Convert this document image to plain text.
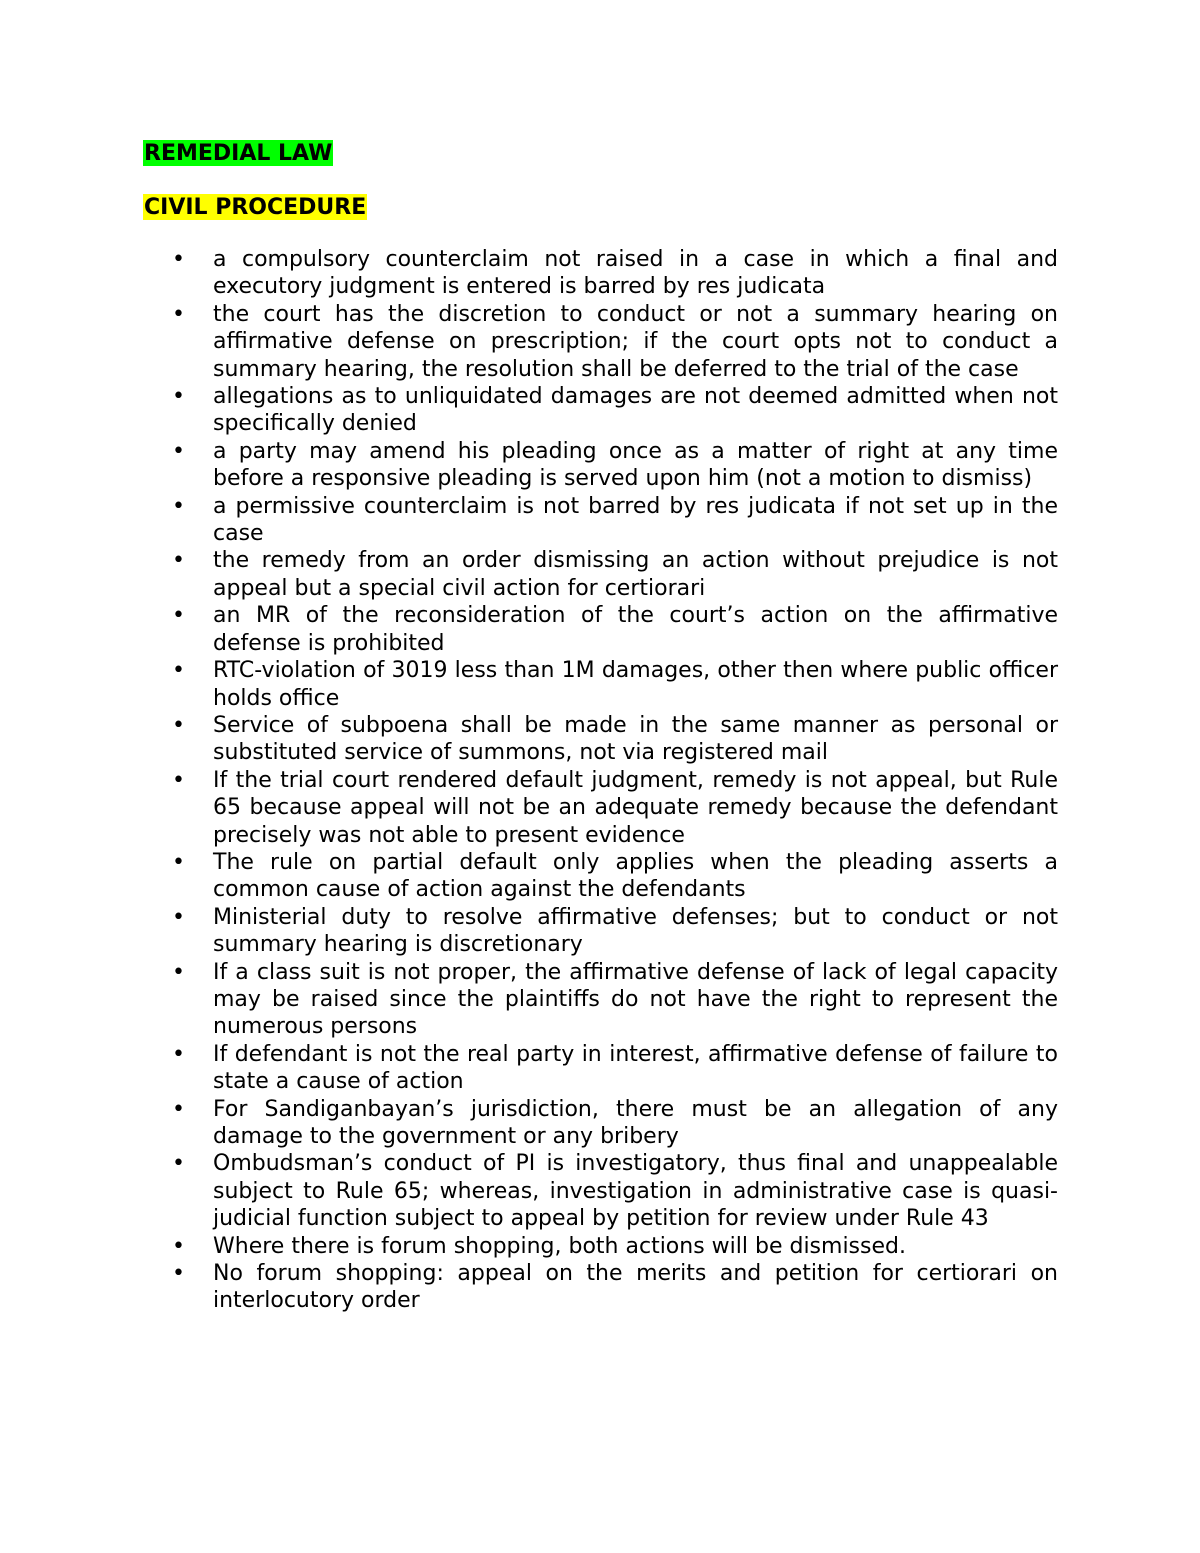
REMEDIAL LAW
CIVIL PROCEDURE
• a compulsory counterclaim not raised in a case in which a final and executory judgment is entered is barred by res judicata
• the court has the discretion to conduct or not a summary hearing on affirmative defense on prescription; if the court opts not to conduct a summary hearing, the resolution shall be deferred to the trial of the case
• allegations as to unliquidated damages are not deemed admitted when not specifically denied
• a party may amend his pleading once as a matter of right at any time before a responsive pleading is served upon him (not a motion to dismiss)
• a permissive counterclaim is not barred by res judicata if not set up in the case
• the remedy from an order dismissing an action without prejudice is not appeal but a special civil action for certiorari
• an MR of the reconsideration of the court’s action on the affirmative defense is prohibited
• RTC-violation of 3019 less than 1M damages, other then where public officer holds office
• Service of subpoena shall be made in the same manner as personal or substituted service of summons, not via registered mail
• If the trial court rendered default judgment, remedy is not appeal, but Rule 65 because appeal will not be an adequate remedy because the defendant precisely was not able to present evidence
• The rule on partial default only applies when the pleading asserts a common cause of action against the defendants
• Ministerial duty to resolve affirmative defenses; but to conduct or not summary hearing is discretionary
• If a class suit is not proper, the affirmative defense of lack of legal capacity may be raised since the plaintiffs do not have the right to represent the numerous persons
• If defendant is not the real party in interest, affirmative defense of failure to state a cause of action
• For Sandiganbayan’s jurisdiction, there must be an allegation of any damage to the government or any bribery
• Ombudsman’s conduct of PI is investigatory, thus final and unappealable subject to Rule 65; whereas, investigation in administrative case is quasi-judicial function subject to appeal by petition for review under Rule 43
• Where there is forum shopping, both actions will be dismissed.
• No forum shopping: appeal on the merits and petition for certiorari on interlocutory order
